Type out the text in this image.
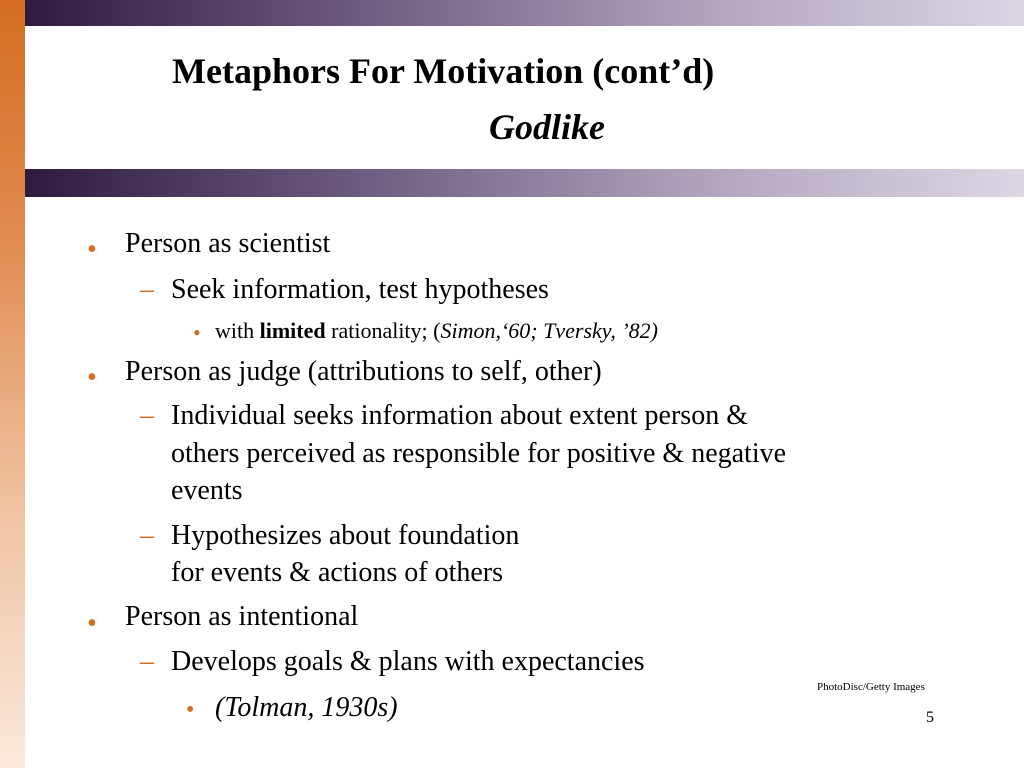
Metaphors For Motivation (cont’d)
Godlike
• Person as scientist
– Seek information, test hypotheses
• with limited rationality; (Simon,‘60; Tversky, ’82)
• Person as judge (attributions to self, other)
– Individual seeks information about extent person &
others perceived as responsible for positive & negative
events
– Hypothesizes about foundation
for events & actions of others
• Person as intentional
– Develops goals & plans with expectancies
• (Tolman, 1930s)
PhotoDisc/Getty Images
5
